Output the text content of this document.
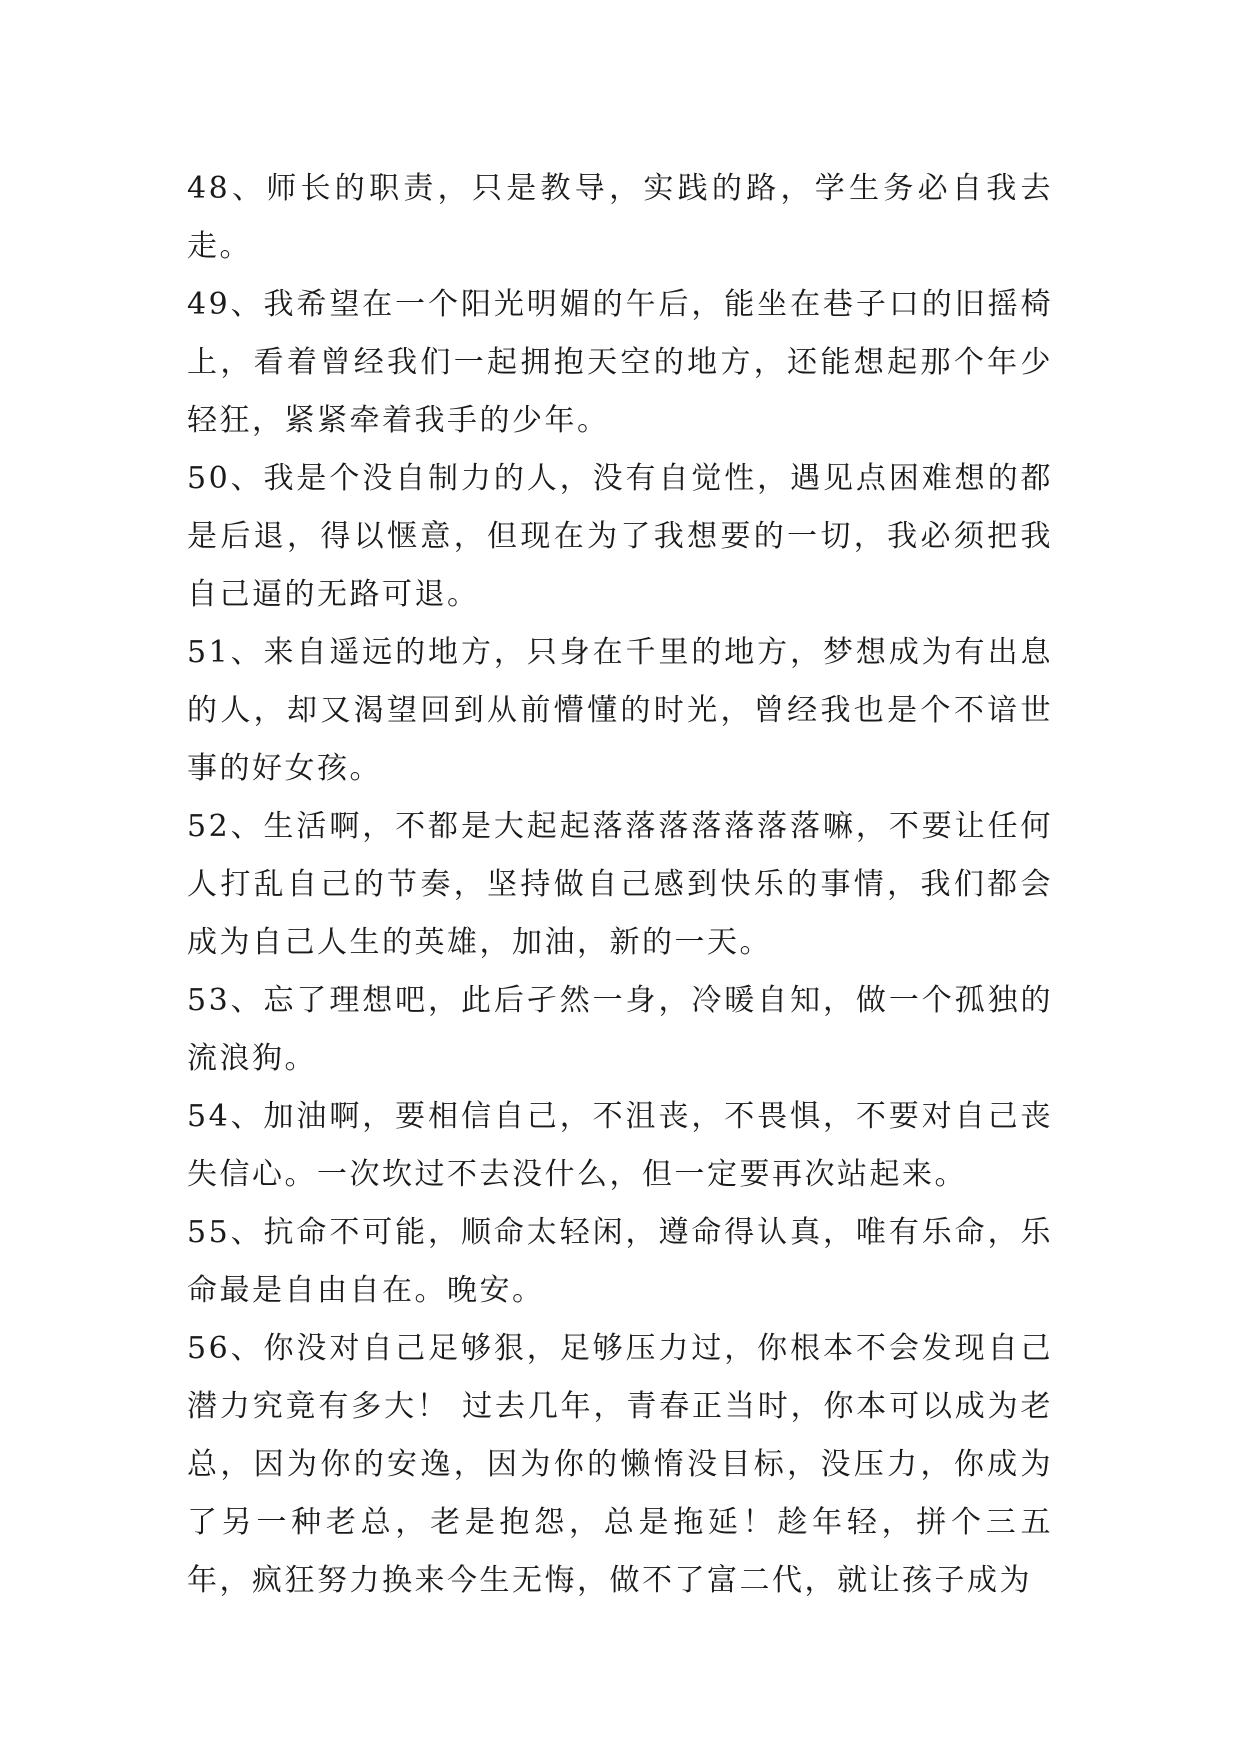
48、师长的职责，只是教导，实践的路，学生务必自我去走。

49、我希望在一个阳光明媚的午后，能坐在巷子口的旧摇椅上，看着曾经我们一起拥抱天空的地方，还能想起那个年少轻狂，紧紧牵着我手的少年。

50、我是个没自制力的人，没有自觉性，遇见点困难想的都是后退，得以惬意，但现在为了我想要的一切，我必须把我自己逼的无路可退。

51、来自遥远的地方，只身在千里的地方，梦想成为有出息的人，却又渴望回到从前懵懂的时光，曾经我也是个不谙世事的好女孩。

52、生活啊，不都是大起起落落落落落落落嘛，不要让任何人打乱自己的节奏，坚持做自己感到快乐的事情，我们都会成为自己人生的英雄，加油，新的一天。

53、忘了理想吧，此后孑然一身，冷暖自知，做一个孤独的流浪狗。

54、加油啊，要相信自己，不沮丧，不畏惧，不要对自己丧失信心。一次坎过不去没什么，但一定要再次站起来。

55、抗命不可能，顺命太轻闲，遵命得认真，唯有乐命，乐命最是自由自在。晚安。

56、你没对自己足够狠，足够压力过，你根本不会发现自己潜力究竟有多大！ 过去几年，青春正当时，你本可以成为老总，因为你的安逸，因为你的懒惰没目标，没压力，你成为了另一种老总，老是抱怨，总是拖延！趁年轻，拼个三五年，疯狂努力换来今生无悔，做不了富二代，就让孩子成为
